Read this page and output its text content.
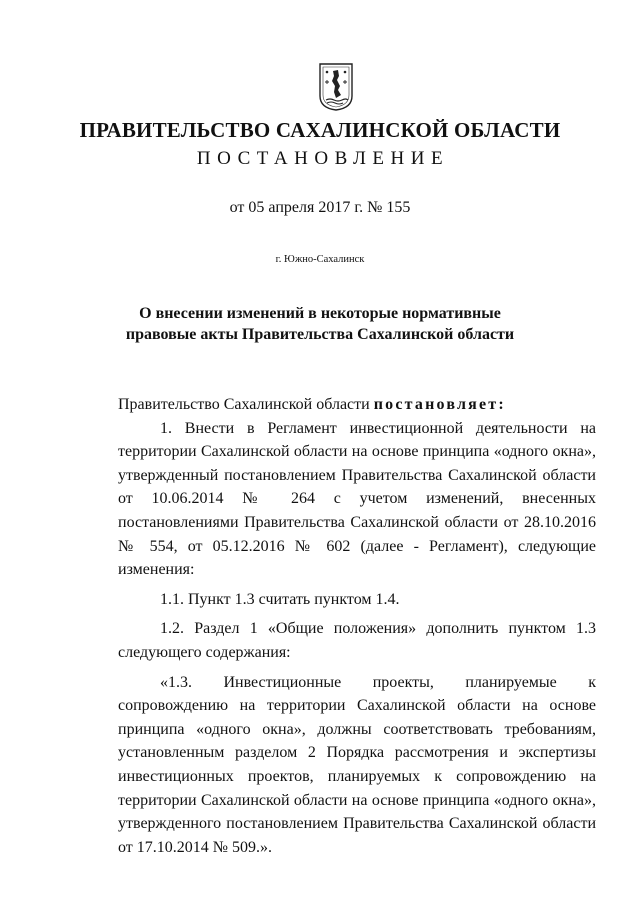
ПРАВИТЕЛЬСТВО САХАЛИНСКОЙ ОБЛАСТИ
ПОСТАНОВЛЕНИЕ
от 05 апреля 2017 г. № 155
г. Южно-Сахалинск
О внесении изменений в некоторые нормативные
правовые акты Правительства Сахалинской области

Правительство Сахалинской области постановляет:

1. Внести в Регламент инвестиционной деятельности на территории Сахалинской области на основе принципа «одного окна», утвержденный постановлением Правительства Сахалинской области от 10.06.2014 № 264 с учетом изменений, внесенных постановлениями Правительства Сахалинской области от 28.10.2016 № 554, от 05.12.2016 № 602 (далее - Регламент), следующие изменения:

1.1. Пункт 1.3 считать пунктом 1.4.

1.2. Раздел 1 «Общие положения» дополнить пунктом 1.3 следующего содержания:

«1.3. Инвестиционные проекты, планируемые к сопровождению на территории Сахалинской области на основе принципа «одного окна», должны соответствовать требованиям, установленным разделом 2 Порядка рассмотрения и экспертизы инвестиционных проектов, планируемых к сопровождению на территории Сахалинской области на основе принципа «одного окна», утвержденного постановлением Правительства Сахалинской области от 17.10.2014 № 509.».
